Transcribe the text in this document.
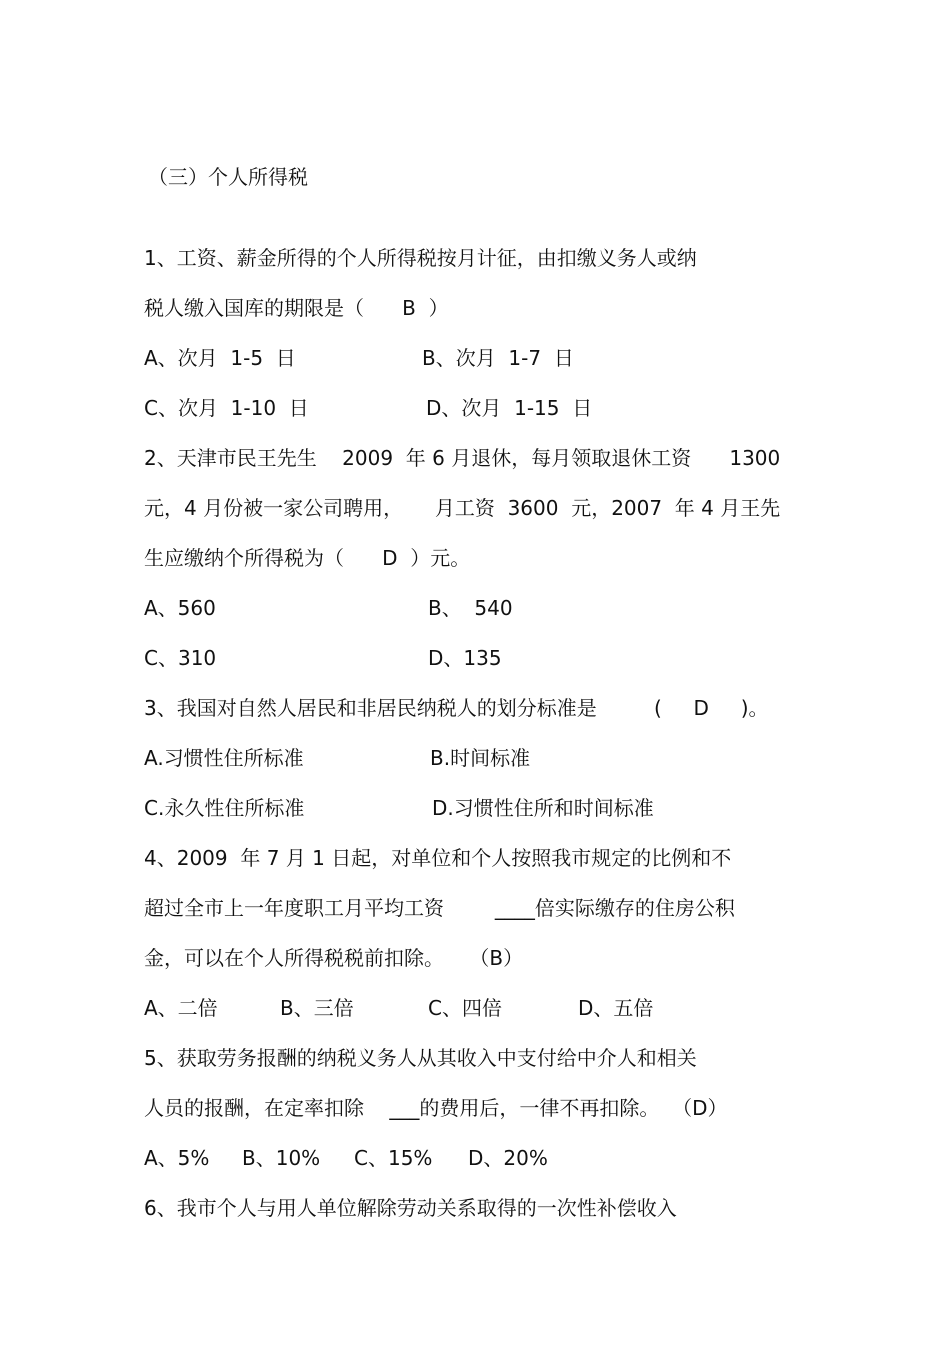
（三）个人所得税
1、工资、薪金所得的个人所得税按月计征，由扣缴义务人或纳
税人缴入国库的期限是（      B  ）
A、次月  1-5  日	B、次月  1-7  日
C、次月  1-10  日	D、次月  1-15  日
2、天津市民王先生    2009  年 6 月退休，每月领取退休工资      1300
元，4 月份被一家公司聘用，     月工资  3600  元，2007  年 4 月王先
生应缴纳个所得税为（      D  ）元。
A、560	B、  540
C、310	D、135
3、我国对自然人居民和非居民纳税人的划分标准是         (     D     )。
A.习惯性住所标准	B.时间标准
C.永久性住所标准	D.习惯性住所和时间标准
4、2009  年 7 月 1 日起，对单位和个人按照我市规定的比例和不
超过全市上一年度职工月平均工资        ____倍实际缴存的住房公积
金，可以在个人所得税税前扣除。    （B）
A、二倍	B、三倍	C、四倍	D、五倍
5、获取劳务报酬的纳税义务人从其收入中支付给中介人和相关
人员的报酬，在定率扣除    ___的费用后，一律不再扣除。  （D）
A、5% B、10% C、15% D、20%
6、我市个人与用人单位解除劳动关系取得的一次性补偿收入
